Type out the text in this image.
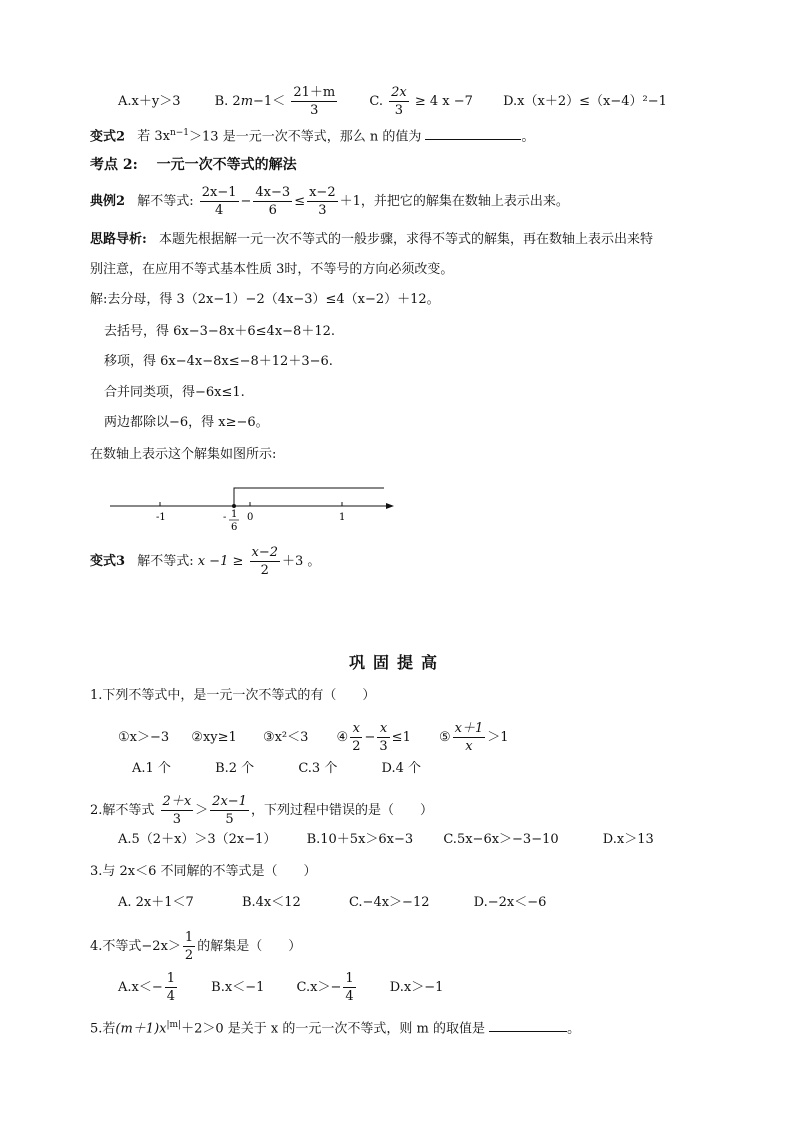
A.x＋y＞3	B. $2m-1< \frac{21+m}{3} C$. $\frac{2x}{3} \ge 4$ x −7 D.x（x＋2）≤（x−4）²−1
变式2 若 $3x^{n-1}>13$ 是一元一次不等式，那么 n 的值为	。
考点 2: 一元一次不等式的解法
典例2 解不等式: $\frac{2x-1}{4} - \frac{4x-3}{6} \le \frac{x-2}{3} +1$，并把它的解集在数轴上表示出来。
思路导析: 本题先根据解一元一次不等式的一般步骤，求得不等式的解集，再在数轴上表示出来特
别注意，在应用不等式基本性质 3时，不等号的方向必须改变。
解:去分母，得 3（2x−1）−2（4x−3）≤4（x−2）＋12。
去括号，得 6x−3−8x＋6≤4x−8＋12.
移项，得 6x−4x−8x≤−8＋12＋3−6.
合并同类项，得−6x≤1.
两边都除以−6，得 x≥−6。
在数轴上表示这个解集如图所示:
-1	- 1
6
0	1
变式3 解不等式: $x -1 \ge \frac{x-2}{2} +3$ 。
巩固提高
1.下列不等式中，是一元一次不等式的有（　　）
①x＞−3 ②xy≥1 ③x²＜3 ④ $\frac{x}{2} - \frac{x}{3} \le 1$ ⑤ $\frac{x+1}{x} >1$
A.1 个	B.2 个	C.3 个	D.4 个
2.解不等式 $\frac{2+x}{3} > \frac{2x-1}{5}$ ，下列过程中错误的是（　　）
A.5（2＋x）＞3（2x−1） B.10＋5x＞6x−3 C.5x−6x＞−3−10	D.x＞13
3.与 2x＜6 不同解的不等式是（　　）
A. 2x＋1＜7	B.4x＜12	C.−4x＞−12	D.−2x＜−6
4.不等式$-2x> \frac{1}{2}$ 的解集是（　　）
$A.x<- \frac{1}{4}$	B.x＜−1 $C.x>- \frac{1}{4}$	D.x＞−1
5.若$(m+1)x^{|m|}+2>0$ 是关于 x 的一元一次不等式，则 m 的取值是	。
